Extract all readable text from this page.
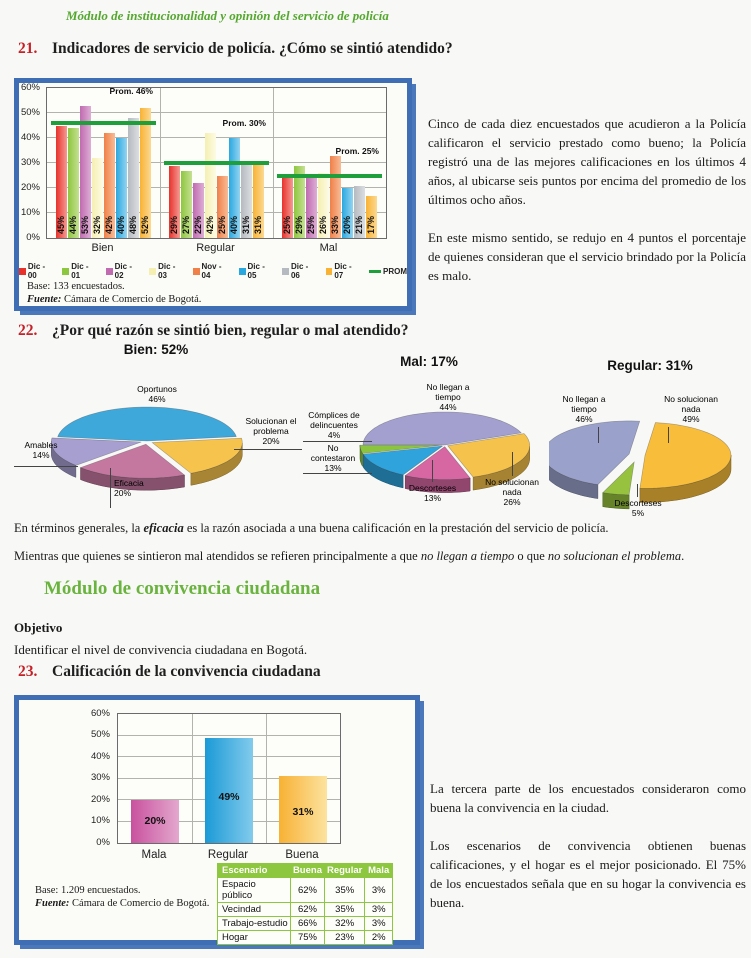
Módulo de institucionalidad y opinión del servicio de policía
21. Indicadores de servicio de policía. ¿Cómo se sintió atendido?
0%
10%
20%
30%
40%
50%
60%
45%	29%	25%
44%	27%	29%
53%	22%	25%
32%	42%	26%
42%	25%	33%
40%	40%	20%
48%	31%	21%
52%	31%	17%
Prom. 46%
Prom. 30%
Prom. 25%
Bien	Regular	Mal
Dic - 00
Dic - 01
Dic - 02
Dic - 03
Nov - 04
Dic - 05
Dic - 06
Dic - 07	PROM
Base: 133 encuestados.
Fuente: Cámara de Comercio de Bogotá.

Cinco de cada diez encuestados que acudieron a la Policía calificaron el servicio prestado como bueno; la Policía registró una de las mejores calificaciones en los últimos 4 años, al ubicarse seis puntos por encima del promedio de los últimos ocho años.

En este mismo sentido, se redujo en 4 puntos el porcentaje de quienes consideran que el servicio brindado por la Policía es malo.

22. ¿Por qué razón se sintió bien, regular o mal atendido?
Bien: 52%
Oportunos
46%
Solucionan el problema
20%
Amables
14%
Eficacia
20%
Mal: 17%
No llegan a tiempo
44%
Cómplices de delincuentes
4%
No contestaron
13%
Descorteses
13%
No solucionan nada
26%
Regular: 31%
No llegan a tiempo
46%
No solucionan nada
49%
Descorteses
5%

En términos generales, la eficacia es la razón asociada a una buena calificación en la prestación del servicio de policía.

Mientras que quienes se sintieron mal atendidos se refieren principalmente a que no llegan a tiempo o que no solucionan el problema.

Módulo de convivencia ciudadana
Objetivo
Identificar el nivel de convivencia ciudadana en Bogotá.
23. Calificación de la convivencia ciudadana
0%
10%
20%
30%
40%
50%
60%
20%
49%
31%
Mala	Regular	Buena
Escenario	Buena	Regular	Mala
Espacio público	62%	35%	3%
Vecindad	62%	35%	3%
Trabajo-estudio	66%	32%	3%
Hogar	75%	23%	2%
Base: 1.209 encuestados.
Fuente: Cámara de Comercio de Bogotá.

La tercera parte de los encuestados consideraron como buena la convivencia en la ciudad.

Los escenarios de convivencia obtienen buenas calificaciones, y el hogar es el mejor posicionado. El 75% de los encuestados señala que en su hogar la convivencia es buena.
